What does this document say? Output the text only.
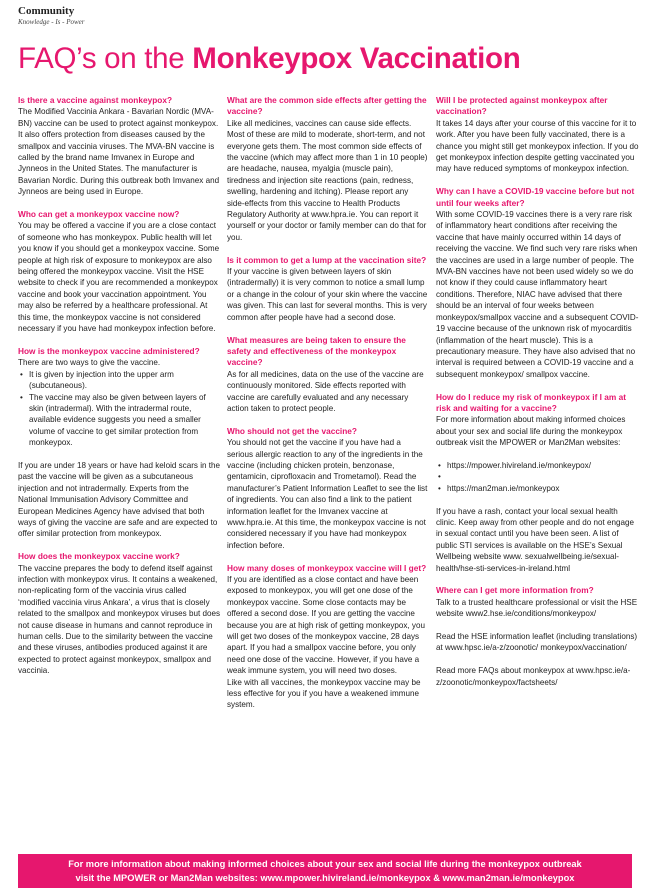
Community
Knowledge - Is - Power
FAQ’s on the Monkeypox Vaccination
Is there a vaccine against monkeypox?

The Modified Vaccinia Ankara - Bavarian Nordic (MVA-BN) vaccine can be used to protect against monkeypox. It also offers protection from diseases caused by the smallpox and vaccinia viruses. The MVA-BN vaccine is called by the brand name Imvanex in Europe and Jynneos in the United States. The manufacturer is Bavarian Nordic. During this outbreak both Imvanex and Jynneos are being used in Europe.

Who can get a monkeypox vaccine now?

You may be offered a vaccine if you are a close contact of someone who has monkeypox. Public health will let you know if you should get a monkeypox vaccine. Some people at high risk of exposure to monkeypox are also being offered the monkeypox vaccine. Visit the HSE website to check if you are recommended a monkeypox vaccine and book your vaccination appointment. You may also be referred by a healthcare professional. At this time, the monkeypox vaccine is not considered necessary if you have had monkeypox infection before.

How is the monkeypox vaccine administered?

There are two ways to give the vaccine.

• It is given by injection into the upper arm (subcutaneous).
• The vaccine may also be given between layers of skin (intradermal). With the intradermal route, available evidence suggests you need a smaller volume of vaccine to get similar protection from monkeypox.

If you are under 18 years or have had keloid scars in the past the vaccine will be given as a subcutaneous injection and not intradermally. Experts from the National Immunisation Advisory Committee and European Medicines Agency have advised that both ways of giving the vaccine are safe and are expected to offer similar protection from monkeypox.

How does the monkeypox vaccine work?

The vaccine prepares the body to defend itself against infection with monkeypox virus. It contains a weakened, non-replicating form of the vaccinia virus called ‘modified vaccinia virus Ankara’, a virus that is closely related to the smallpox and monkeypox viruses but does not cause disease in humans and cannot reproduce in human cells. Due to the similarity between the vaccine and these viruses, antibodies produced against it are expected to protect against monkeypox, smallpox and vaccinia.

What are the common side effects after getting the vaccine?

Like all medicines, vaccines can cause side effects. Most of these are mild to moderate, short-term, and not everyone gets them. The most common side effects of the vaccine (which may affect more than 1 in 10 people) are headache, nausea, myalgia (muscle pain), tiredness and injection site reactions (pain, redness, swelling, hardening and itching). Please report any side-effects from this vaccine to Health Products Regulatory Authority at www.hpra.ie. You can report it yourself or your doctor or family member can do that for you.

Is it common to get a lump at the vaccination site?

If your vaccine is given between layers of skin (intradermally) it is very common to notice a small lump or a change in the colour of your skin where the vaccine was given. This can last for several months. This is very common after people have had a second dose.

What measures are being taken to ensure the safety and effectiveness of the monkeypox vaccine?

As for all medicines, data on the use of the vaccine are continuously monitored. Side effects reported with vaccine are carefully evaluated and any necessary action taken to protect people.

Who should not get the vaccine?

You should not get the vaccine if you have had a serious allergic reaction to any of the ingredients in the vaccine (including chicken protein, benzonase, gentamicin, ciprofloxacin and Trometamol). Read the manufacturer’s Patient Information Leaflet to see the list of ingredients. You can also find a link to the patient information leaflet for the Imvanex vaccine at www.hpra.ie. At this time, the monkeypox vaccine is not considered necessary if you have had monkeypox infection before.

How many doses of monkeypox vaccine will I get?

If you are identified as a close contact and have been exposed to monkeypox, you will get one dose of the monkeypox vaccine. Some close contacts may be offered a second dose. If you are getting the vaccine because you are at high risk of getting monkeypox, you will get two doses of the monkeypox vaccine, 28 days apart. If you had a smallpox vaccine before, you only need one dose of the vaccine. However, if you have a weak immune system, you will need two doses.

Like with all vaccines, the monkeypox vaccine may be less effective for you if you have a weakened immune system.

Will I be protected against monkeypox after vaccination?

It takes 14 days after your course of this vaccine for it to work. After you have been fully vaccinated, there is a chance you might still get monkeypox infection. If you do get monkeypox infection despite getting vaccinated you may have reduced symptoms of monkeypox infection.

Why can I have a COVID-19 vaccine before but not until four weeks after?

With some COVID-19 vaccines there is a very rare risk of inflammatory heart conditions after receiving the vaccine that have mainly occurred within 14 days of receiving the vaccine. We find such very rare risks when the vaccines are used in a large number of people. The MVA-BN vaccines have not been used widely so we do not know if they could cause inflammatory heart conditions. Therefore, NIAC have advised that there should be an interval of four weeks between monkeypox/smallpox vaccine and a subsequent COVID-19 vaccine because of the unknown risk of myocarditis (inflammation of the heart muscle). This is a precautionary measure. They have also advised that no interval is required between a COVID-19 vaccine and a subsequent monkeypox/ smallpox vaccine.

How do I reduce my risk of monkeypox if I am at risk and waiting for a vaccine?

For more information about making informed choices about your sex and social life during the monkeypox outbreak visit the MPOWER or Man2Man websites:

• https://mpower.hivireland.ie/monkeypox/
•
• https://man2man.ie/monkeypox

If you have a rash, contact your local sexual health clinic. Keep away from other people and do not engage in sexual contact until you have been seen. A list of public STI services is available on the HSE’s Sexual Wellbeing website www. sexualwellbeing.ie/sexual-health/hse-sti-services-in-ireland.html

Where can I get more information from?

Talk to a trusted healthcare professional or visit the HSE website www2.hse.ie/conditions/monkeypox/

Read the HSE information leaflet (including translations) at www.hpsc.ie/a-z/zoonotic/ monkeypox/vaccination/

Read more FAQs about monkeypox at www.hpsc.ie/a-z/zoonotic/monkeypox/factsheets/

For more information about making informed choices about your sex and social life during the monkeypox outbreak
visit the MPOWER or Man2Man websites: www.mpower.hivireland.ie/monkeypox & www.man2man.ie/monkeypox
